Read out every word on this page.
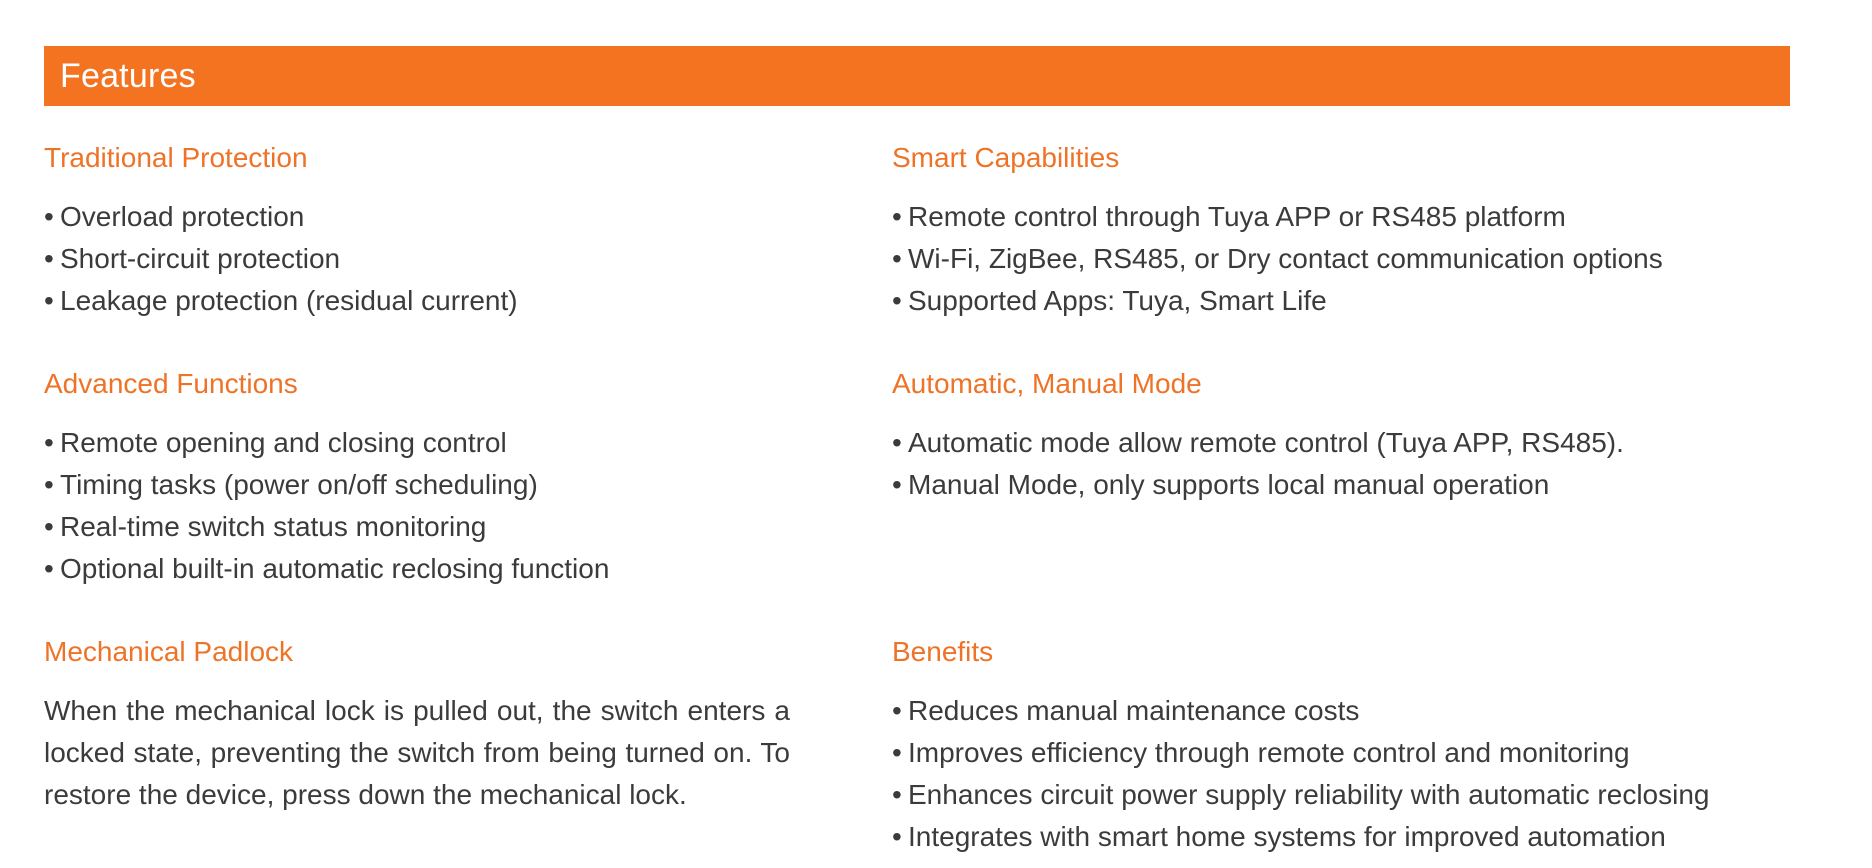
Features
Traditional Protection
• Overload protection
• Short-circuit protection
• Leakage protection (residual current)
Smart Capabilities
• Remote control through Tuya APP or RS485 platform
• Wi-Fi, ZigBee, RS485, or Dry contact communication options
• Supported Apps: Tuya, Smart Life
Advanced Functions
• Remote opening and closing control
• Timing tasks (power on/off scheduling)
• Real-time switch status monitoring
• Optional built-in automatic reclosing function
Automatic, Manual Mode
• Automatic mode allow remote control (Tuya APP, RS485).
• Manual Mode, only supports local manual operation
Mechanical Padlock

When the mechanical lock is pulled out, the switch enters a locked state, preventing the switch from being turned on. To restore the device, press down the mechanical lock.

Benefits
• Reduces manual maintenance costs
• Improves efficiency through remote control and monitoring
• Enhances circuit power supply reliability with automatic reclosing
• Integrates with smart home systems for improved automation
